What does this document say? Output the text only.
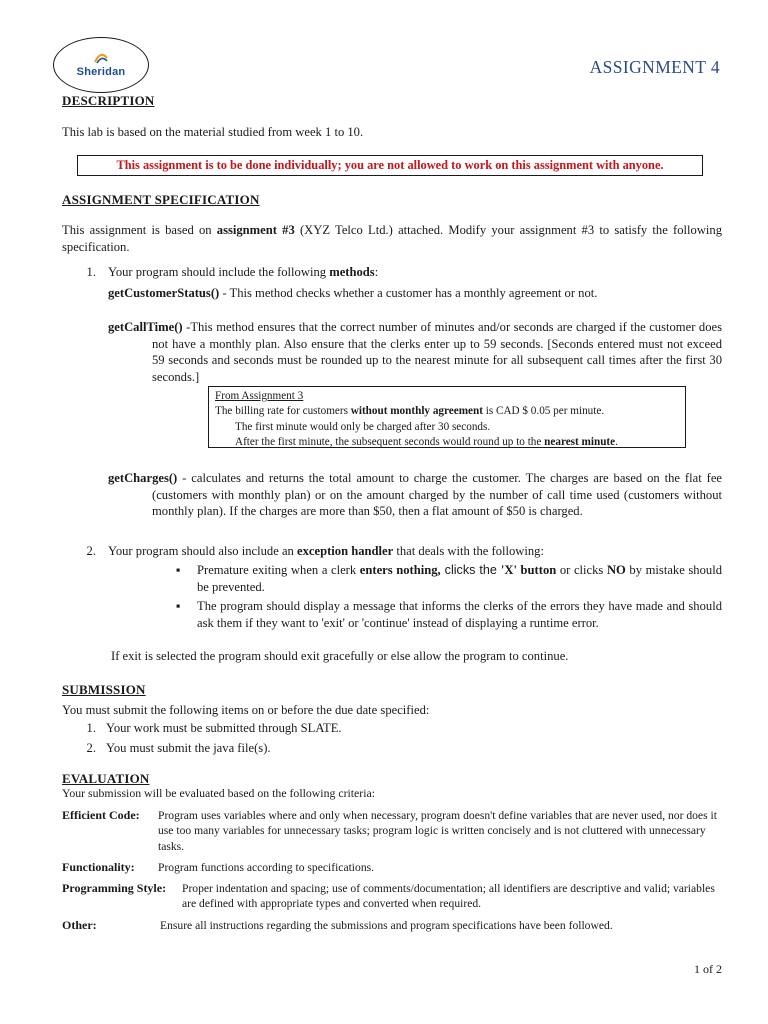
Sheridan	ASSIGNMENT 4
DESCRIPTION
This lab is based on the material studied from week 1 to 10.
This assignment is to be done individually; you are not allowed to work on this assignment with anyone.
ASSIGNMENT SPECIFICATION
This assignment is based on assignment #3 (XYZ Telco Ltd.) attached. Modify your assignment #3 to satisfy the following specification.
1. Your program should include the following methods:
getCustomerStatus() - This method checks whether a customer has a monthly agreement or not.
getCallTime() -This method ensures that the correct number of minutes and/or seconds are charged if the customer does not have a monthly plan. Also ensure that the clerks enter up to 59 seconds. [Seconds entered must not exceed 59 seconds and seconds must be rounded up to the nearest minute for all subsequent call times after the first 30 seconds.]
From Assignment 3
The billing rate for customers without monthly agreement is CAD $ 0.05 per minute.
The first minute would only be charged after 30 seconds.
After the first minute, the subsequent seconds would round up to the nearest minute.
getCharges() - calculates and returns the total amount to charge the customer. The charges are based on the flat fee (customers with monthly plan) or on the amount charged by the number of call time used (customers without monthly plan). If the charges are more than $50, then a flat amount of $50 is charged.
2. Your program should also include an exception handler that deals with the following:
▪	Premature exiting when a clerk enters nothing, clicks the 'X' button or clicks NO by mistake should be prevented.
▪	The program should display a message that informs the clerks of the errors they have made and should ask them if they want to 'exit' or 'continue' instead of displaying a runtime error.
If exit is selected the program should exit gracefully or else allow the program to continue.
SUBMISSION
You must submit the following items on or before the due date specified:
1. Your work must be submitted through SLATE.
2. You must submit the java file(s).
EVALUATION
Your submission will be evaluated based on the following criteria:
Efficient Code: Program uses variables where and only when necessary, program doesn't define variables that are never used, nor does it use too many variables for unnecessary tasks; program logic is written concisely and is not cluttered with unnecessary tasks.
Functionality: Program functions according to specifications.
Programming Style: Proper indentation and spacing; use of comments/documentation; all identifiers are descriptive and valid; variables are defined with appropriate types and converted when required.
Other:	Ensure all instructions regarding the submissions and program specifications have been followed.
1 of 2
